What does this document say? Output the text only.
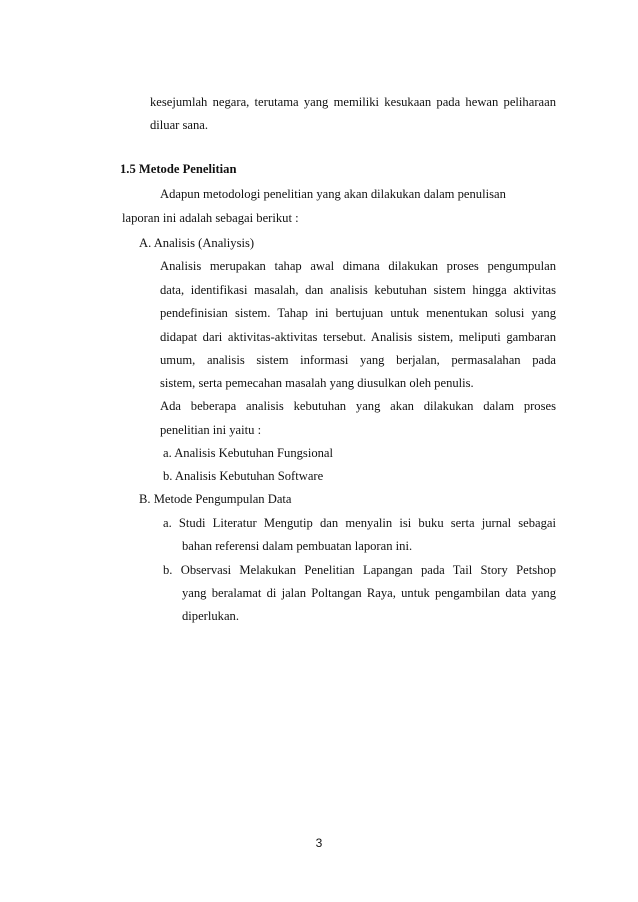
kesejumlah negara, terutama yang memiliki kesukaan pada hewan peliharaan
diluar sana.
1.5 Metode Penelitian
Adapun metodologi penelitian yang akan dilakukan dalam penulisan
laporan ini adalah sebagai berikut :
A. Analisis (Analiysis)
Analisis merupakan tahap awal dimana dilakukan proses pengumpulan
data, identifikasi masalah, dan analisis kebutuhan sistem hingga aktivitas
pendefinisian sistem. Tahap ini bertujuan untuk menentukan solusi yang
didapat dari aktivitas-aktivitas tersebut. Analisis sistem, meliputi gambaran
umum, analisis sistem informasi yang berjalan, permasalahan pada
sistem, serta pemecahan masalah yang diusulkan oleh penulis.
Ada beberapa analisis kebutuhan yang akan dilakukan dalam proses
penelitian ini yaitu :
a. Analisis Kebutuhan Fungsional
b. Analisis Kebutuhan Software
B. Metode Pengumpulan Data
a. Studi Literatur Mengutip dan menyalin isi buku serta jurnal sebagai
bahan referensi dalam pembuatan laporan ini.
b. Observasi Melakukan Penelitian Lapangan pada Tail Story Petshop
yang beralamat di jalan Poltangan Raya, untuk pengambilan data yang
diperlukan.
3
